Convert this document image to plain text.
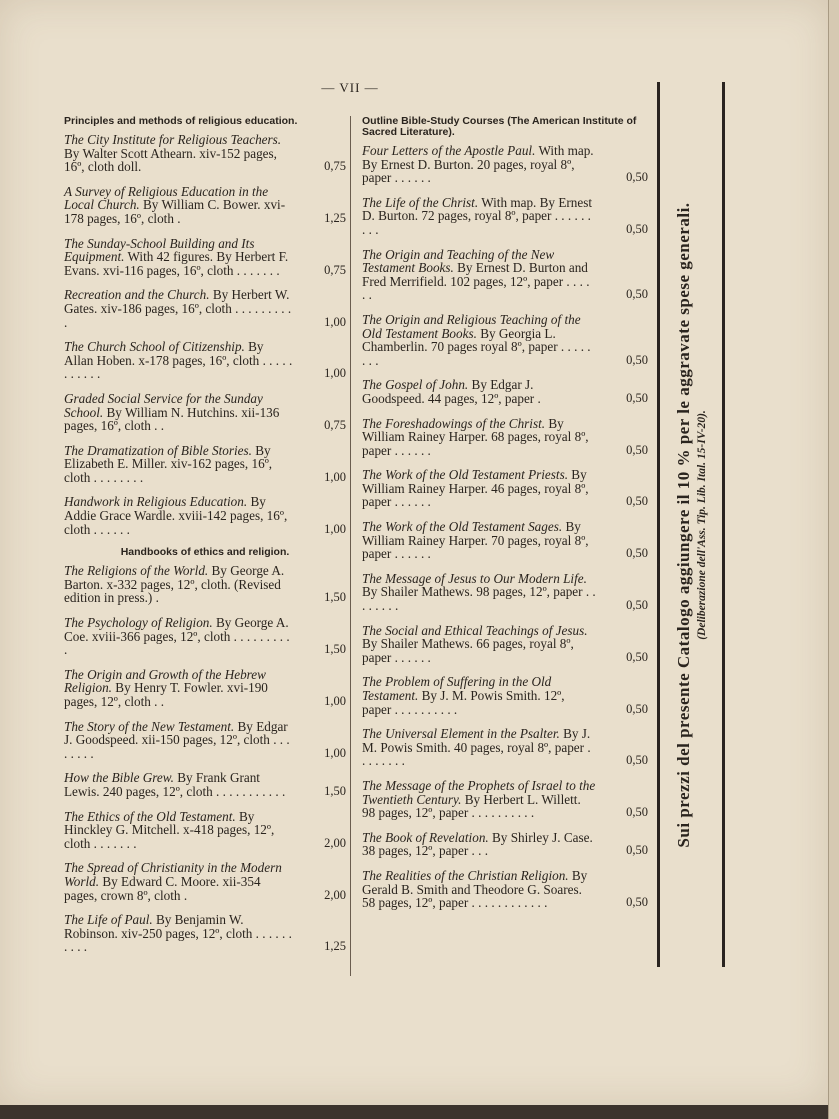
— VII —
Principles and methods of religious education.
The City Institute for Religious Teachers. By Walter Scott Athearn. xiv-152 pages, 16º, cloth doll.	0,75
A Survey of Religious Education in the Local Church. By William C. Bower. xvi-178 pages, 16º, cloth .	1,25
The Sunday-School Building and Its Equipment. With 42 figures. By Herbert F. Evans. xvi-116 pages, 16º, cloth . . . . . . .	0,75
Recreation and the Church. By Herbert W. Gates. xiv-186 pages, 16º, cloth . . . . . . . . . .	1,00
The Church School of Citizenship. By Allan Hoben. x-178 pages, 16º, cloth . . . . . . . . . . .	1,00
Graded Social Service for the Sunday School. By William N. Hutchins. xii-136 pages, 16º, cloth . .	0,75
The Dramatization of Bible Stories. By Elizabeth E. Miller. xiv-162 pages, 16º, cloth . . . . . . . .	1,00
Handwork in Religious Education. By Addie Grace Wardle. xviii-142 pages, 16º, cloth . . . . . .	1,00
Handbooks of ethics and religion.
The Religions of the World. By George A. Barton. x-332 pages, 12º, cloth. (Revised edition in press.) .	1,50
The Psychology of Religion. By George A. Coe. xviii-366 pages, 12º, cloth . . . . . . . . . .	1,50
The Origin and Growth of the Hebrew Religion. By Henry T. Fowler. xvi-190 pages, 12º, cloth . .	1,00
The Story of the New Testament. By Edgar J. Goodspeed. xii-150 pages, 12º, cloth . . . . . . . .	1,00
How the Bible Grew. By Frank Grant Lewis. 240 pages, 12º, cloth . . . . . . . . . . .	1,50
The Ethics of the Old Testament. By Hinckley G. Mitchell. x-418 pages, 12º, cloth . . . . . . .	2,00
The Spread of Christianity in the Modern World. By Edward C. Moore. xii-354 pages, crown 8º, cloth .	2,00
The Life of Paul. By Benjamin W. Robinson. xiv-250 pages, 12º, cloth . . . . . . . . . .	1,25
Outline Bible-Study Courses (The American Institute of Sacred Literature).
Four Letters of the Apostle Paul. With map. By Ernest D. Burton. 20 pages, royal 8º, paper . . . . . .	0,50
The Life of the Christ. With map. By Ernest D. Burton. 72 pages, royal 8º, paper . . . . . . . . .	0,50
The Origin and Teaching of the New Testament Books. By Ernest D. Burton and Fred Merrifield. 102 pages, 12º, paper . . . . . .	0,50
The Origin and Religious Teaching of the Old Testament Books. By Georgia L. Chamberlin. 70 pages royal 8º, paper . . . . . . . .	0,50
The Gospel of John. By Edgar J. Goodspeed. 44 pages, 12º, paper .	0,50
The Foreshadowings of the Christ. By William Rainey Harper. 68 pages, royal 8º, paper . . . . . .	0,50
The Work of the Old Testament Priests. By William Rainey Harper. 46 pages, royal 8º, paper . . . . . .	0,50
The Work of the Old Testament Sages. By William Rainey Harper. 70 pages, royal 8º, paper . . . . . .	0,50
The Message of Jesus to Our Modern Life. By Shailer Mathews. 98 pages, 12º, paper . . . . . . . .	0,50
The Social and Ethical Teachings of Jesus. By Shailer Mathews. 66 pages, royal 8º, paper . . . . . .	0,50
The Problem of Suffering in the Old Testament. By J. M. Powis Smith. 12º, paper . . . . . . . . . .	0,50
The Universal Element in the Psalter. By J. M. Powis Smith. 40 pages, royal 8º, paper . . . . . . . .	0,50
The Message of the Prophets of Israel to the Twentieth Century. By Herbert L. Willett. 98 pages, 12º, paper . . . . . . . . . .	0,50
The Book of Revelation. By Shirley J. Case. 38 pages, 12º, paper . . .	0,50
The Realities of the Christian Religion. By Gerald B. Smith and Theodore G. Soares. 58 pages, 12º, paper . . . . . . . . . . . .	0,50
Sui prezzi del presente Catalogo aggiungere il 10 % per le aggravate spese generali. (Deliberazione dell'Ass. Tip. Lib. Ital. 15-IV-20).
